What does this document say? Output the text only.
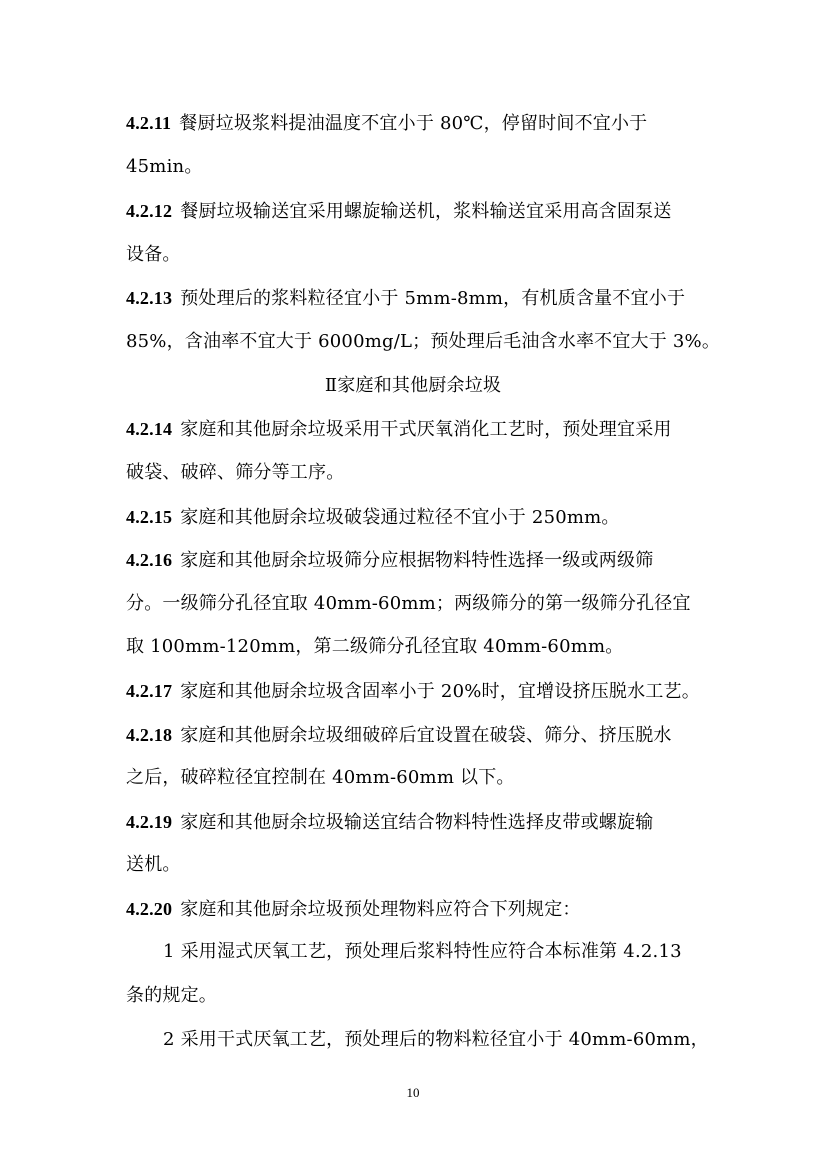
4.2.11 餐厨垃圾浆料提油温度不宜小于 80℃，停留时间不宜小于
45min。
4.2.12 餐厨垃圾输送宜采用螺旋输送机，浆料输送宜采用高含固泵送
设备。
4.2.13 预处理后的浆料粒径宜小于 5mm-8mm，有机质含量不宜小于
85%，含油率不宜大于 6000mg/L；预处理后毛油含水率不宜大于 3%。
Ⅱ家庭和其他厨余垃圾
4.2.14 家庭和其他厨余垃圾采用干式厌氧消化工艺时，预处理宜采用
破袋、破碎、筛分等工序。
4.2.15 家庭和其他厨余垃圾破袋通过粒径不宜小于 250mm。
4.2.16 家庭和其他厨余垃圾筛分应根据物料特性选择一级或两级筛
分。一级筛分孔径宜取 40mm-60mm；两级筛分的第一级筛分孔径宜
取 100mm-120mm，第二级筛分孔径宜取 40mm-60mm。
4.2.17 家庭和其他厨余垃圾含固率小于 20%时，宜增设挤压脱水工艺。
4.2.18 家庭和其他厨余垃圾细破碎后宜设置在破袋、筛分、挤压脱水
之后，破碎粒径宜控制在 40mm-60mm 以下。
4.2.19 家庭和其他厨余垃圾输送宜结合物料特性选择皮带或螺旋输
送机。
4.2.20 家庭和其他厨余垃圾预处理物料应符合下列规定：
1 采用湿式厌氧工艺，预处理后浆料特性应符合本标准第 4.2.13
条的规定。
2 采用干式厌氧工艺，预处理后的物料粒径宜小于 40mm-60mm，
10
